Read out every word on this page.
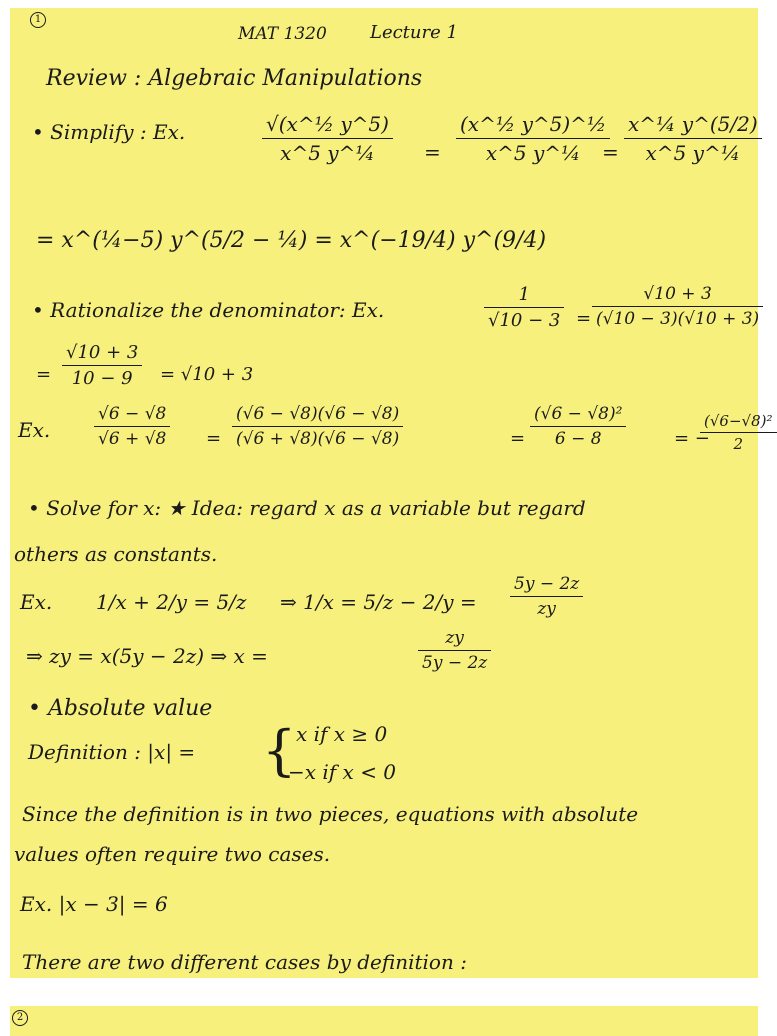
1
MAT 1320 Lecture 1
Review : Algebraic Manipulations
• Simplify : Ex.	√(x^½ y^5)
x^5 y^¼	=
(x^½ y^5)^½
x^5 y^¼	=
x^¼ y^(5/2)
x^5 y^¼
= x^(¼−5) y^(5/2 − ¼) = x^(−19/4) y^(9/4)
• Rationalize the denominator: Ex.
1
√10 − 3 =
√10 + 3
(√10 − 3)(√10 + 3)
=
√10 + 3
10 − 9	= √10 + 3
Ex.
√6 − √8
√6 + √8 =
(√6 − √8)(√6 − √8)
(√6 + √8)(√6 − √8)	=
(√6 − √8)²
6 − 8	= −
(√6−√8)²
2
• Solve for x: ★ Idea: regard x as a variable but regard
others as constants.
Ex. 1/x + 2/y = 5/z ⇒ 1/x = 5/z − 2/y =
5y − 2z
zy
⇒ zy = x(5y − 2z) ⇒ x =
zy
5y − 2z
• Absolute value
Definition : |x| = { x if x ≥ 0
−x if x < 0
Since the definition is in two pieces, equations with absolute
values often require two cases.
Ex. |x − 3| = 6
There are two different cases by definition :
2
